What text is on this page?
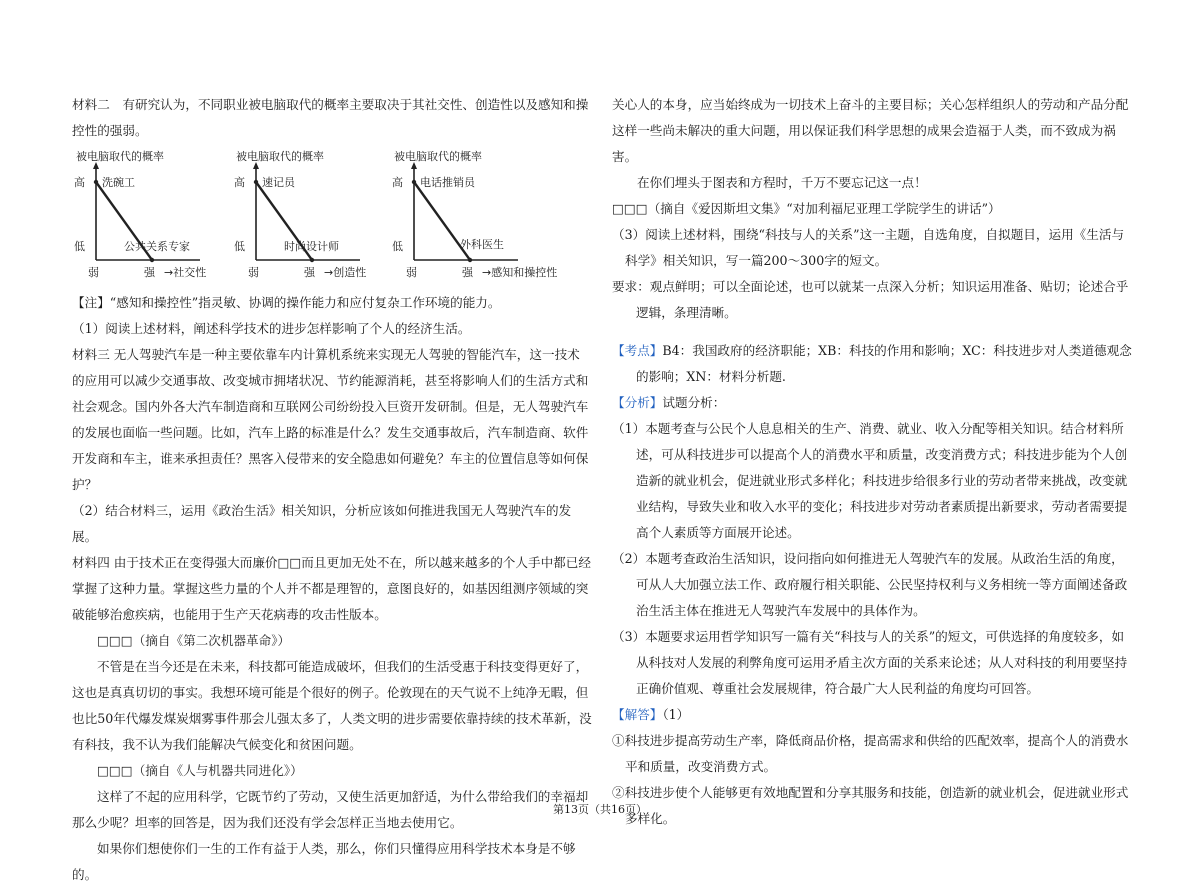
材料二　有研究认为，不同职业被电脑取代的概率主要取决于其社交性、创造性以及感知和操控性的强弱。

被电脑取代的概率
高
低
弱	强 →社交性
洗碗工
公共关系专家
被电脑取代的概率
高
低
弱	强 →创造性
速记员
时尚设计师
被电脑取代的概率
高
低
弱	强 →感知和操控性
电话推销员
外科医生

【注】“感知和操控性”指灵敏、协调的操作能力和应付复杂工作环境的能力。

（1）阅读上述材料，阐述科学技术的进步怎样影响了个人的经济生活。

材料三 无人驾驶汽车是一种主要依靠车内计算机系统来实现无人驾驶的智能汽车，这一技术的应用可以减少交通事故、改变城市拥堵状况、节约能源消耗，甚至将影响人们的生活方式和社会观念。国内外各大汽车制造商和互联网公司纷纷投入巨资开发研制。但是，无人驾驶汽车的发展也面临一些问题。比如，汽车上路的标准是什么？发生交通事故后，汽车制造商、软件开发商和车主，谁来承担责任？黑客入侵带来的安全隐患如何避免？车主的位置信息等如何保护？

（2）结合材料三，运用《政治生活》相关知识，分析应该如何推进我国无人驾驶汽车的发展。

材料四 由于技术正在变得强大而廉价□□而且更加无处不在，所以越来越多的个人手中都已经掌握了这种力量。掌握这些力量的个人并不都是理智的，意图良好的，如基因组测序领域的突破能够治愈疾病，也能用于生产天花病毒的攻击性版本。

□□□（摘自《第二次机器革命》）

不管是在当今还是在未来，科技都可能造成破坏，但我们的生活受惠于科技变得更好了，这也是真真切切的事实。我想环境可能是个很好的例子。伦敦现在的天气说不上纯净无暇，但也比50年代爆发煤炭烟雾事件那会儿强太多了，人类文明的进步需要依靠持续的技术革新，没有科技，我不认为我们能解决气候变化和贫困问题。

□□□（摘自《人与机器共同进化》）

这样了不起的应用科学，它既节约了劳动，又使生活更加舒适，为什么带给我们的幸福却那么少呢？坦率的回答是，因为我们还没有学会怎样正当地去使用它。

如果你们想使你们一生的工作有益于人类，那么，你们只懂得应用科学技术本身是不够的。

关心人的本身，应当始终成为一切技术上奋斗的主要目标；关心怎样组织人的劳动和产品分配这样一些尚未解决的重大问题，用以保证我们科学思想的成果会造福于人类，而不致成为祸害。

在你们埋头于图表和方程时，千万不要忘记这一点！

□□□（摘自《爱因斯坦文集》“对加利福尼亚理工学院学生的讲话”）

（3）阅读上述材料，围绕“科技与人的关系”这一主题，自选角度，自拟题目，运用《生活与科学》相关知识，写一篇200～300字的短文。

要求：观点鲜明；可以全面论述，也可以就某一点深入分析；知识运用准备、贴切；论述合乎逻辑，条理清晰。

【考点】B4：我国政府的经济职能；XB：科技的作用和影响；XC：科技进步对人类道德观念的影响；XN：材料分析题.

【分析】试题分析：

（1）本题考查与公民个人息息相关的生产、消费、就业、收入分配等相关知识。结合材料所述，可从科技进步可以提高个人的消费水平和质量，改变消费方式；科技进步能为个人创造新的就业机会，促进就业形式多样化；科技进步给很多行业的劳动者带来挑战，改变就业结构，导致失业和收入水平的变化；科技进步对劳动者素质提出新要求，劳动者需要提高个人素质等方面展开论述。

（2）本题考查政治生活知识，设问指向如何推进无人驾驶汽车的发展。从政治生活的角度，可从人大加强立法工作、政府履行相关职能、公民坚持权利与义务相统一等方面阐述备政治生活主体在推进无人驾驶汽车发展中的具体作为。

（3）本题要求运用哲学知识写一篇有关“科技与人的关系”的短文，可供选择的角度较多，如从科技对人发展的利弊角度可运用矛盾主次方面的关系来论述；从人对科技的利用要坚持正确价值观、尊重社会发展规律，符合最广大人民利益的角度均可回答。

【解答】（1）

①科技进步提高劳动生产率，降低商品价格，提高需求和供给的匹配效率，提高个人的消费水平和质量，改变消费方式。

②科技进步使个人能够更有效地配置和分享其服务和技能，创造新的就业机会，促进就业形式多样化。

第13页（共16页）
